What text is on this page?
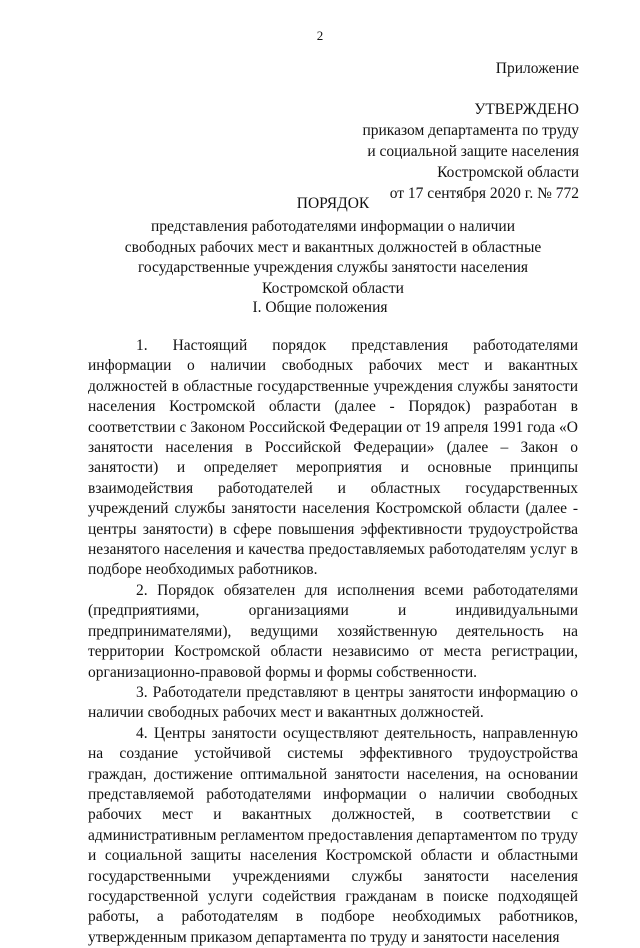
2
Приложение
УТВЕРЖДЕНО
приказом департамента по труду
и социальной защите населения
Костромской области
от 17 сентября 2020 г. № 772
ПОРЯДОК
представления работодателями информации о наличии
свободных рабочих мест и вакантных должностей в областные
государственные учреждения службы занятости населения
Костромской области
I. Общие положения

1. Настоящий порядок представления работодателями информации о наличии свободных рабочих мест и вакантных должностей в областные государственные учреждения службы занятости населения Костромской области (далее - Порядок) разработан в соответствии с Законом Российской Федерации от 19 апреля 1991 года «О занятости населения в Российской Федерации» (далее – Закон о занятости) и определяет мероприятия и основные принципы взаимодействия работодателей и областных государственных учреждений службы занятости населения Костромской области (далее - центры занятости) в сфере повышения эффективности трудоустройства незанятого населения и качества предоставляемых работодателям услуг в подборе необходимых работников.

2. Порядок обязателен для исполнения всеми работодателями (предприятиями, организациями и индивидуальными предпринимателями), ведущими хозяйственную деятельность на территории Костромской области независимо от места регистрации, организационно-правовой формы и формы собственности.

3. Работодатели представляют в центры занятости информацию о наличии свободных рабочих мест и вакантных должностей.

4. Центры занятости осуществляют деятельность, направленную на создание устойчивой системы эффективного трудоустройства граждан, достижение оптимальной занятости населения, на основании представляемой работодателями информации о наличии свободных рабочих мест и вакантных должностей, в соответствии с административным регламентом предоставления департаментом по труду и социальной защиты населения Костромской области и областными государственными учреждениями службы занятости населения государственной услуги содействия гражданам в поиске подходящей работы, а работодателям в подборе необходимых работников, утвержденным приказом департамента по труду и занятости населения
